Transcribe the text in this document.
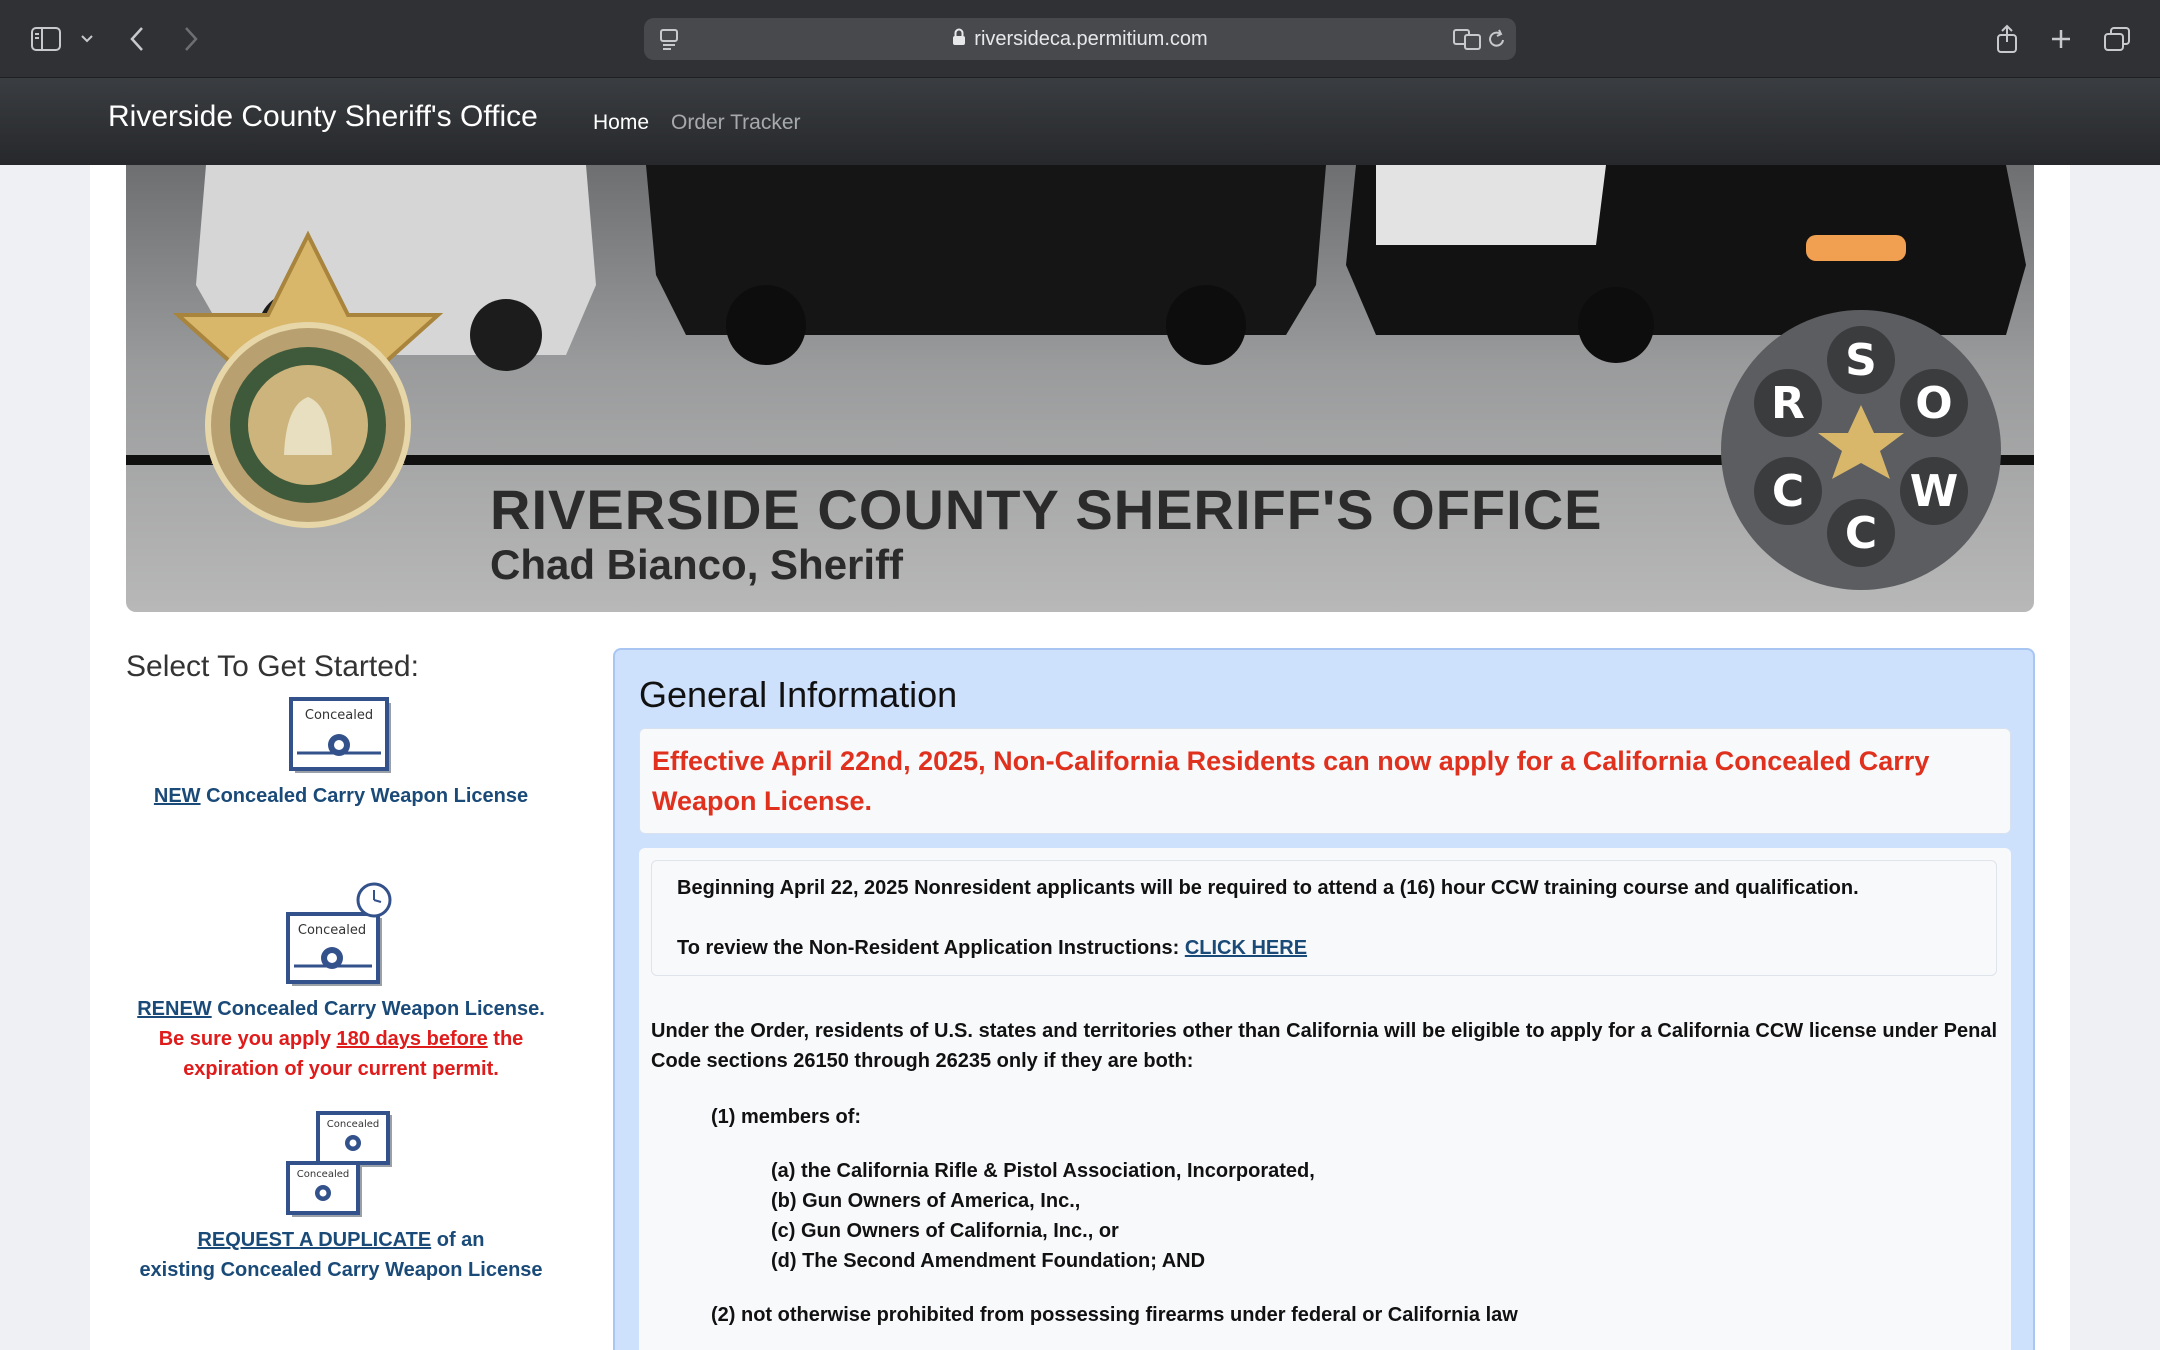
riversideca.permitium.com
Riverside County Sheriff's Office	Home Order Tracker
S
O
W
C
C
R
RIVERSIDE COUNTY SHERIFF'S OFFICE
Chad Bianco, Sheriff
Select To Get Started:
Concealed
NEW Concealed Carry Weapon License
Concealed
RENEW Concealed Carry Weapon License. Be sure you apply 180 days before the expiration of your current permit.
Concealed
Concealed
REQUEST A DUPLICATE of an
existing Concealed Carry Weapon License
General Information
Effective April 22nd, 2025, Non-California Residents can now apply for a California Concealed Carry Weapon License.
Beginning April 22, 2025 Nonresident applicants will be required to attend a (16) hour CCW training course and qualification.
To review the Non-Resident Application Instructions: CLICK HERE
Under the Order, residents of U.S. states and territories other than California will be eligible to apply for a California CCW license under Penal Code sections 26150 through 26235 only if they are both:
(1) members of:
(a) the California Rifle & Pistol Association, Incorporated,
(b) Gun Owners of America, Inc.,
(c) Gun Owners of California, Inc., or
(d) The Second Amendment Foundation; AND
(2) not otherwise prohibited from possessing firearms under federal or California law
